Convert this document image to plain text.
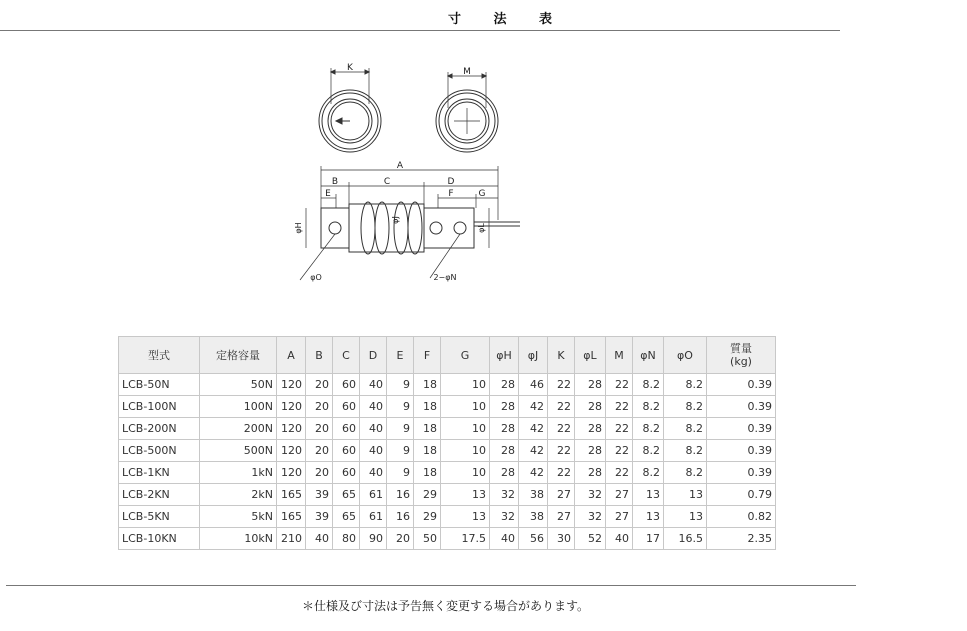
寸 法 表
K	M
A
B	C	D
E	F	G
φH
φJ
φL
φO	2−φN
型式	定格容量	A	B	C	D	E	F	G	φH	φJ	K	φL	M	φN	φO	質量
(kg)
LCB-50N	50N	120	20	60	40	9	18	10	28	46	22	28	22	8.2	8.2	0.39
LCB-100N	100N	120	20	60	40	9	18	10	28	42	22	28	22	8.2	8.2	0.39
LCB-200N	200N	120	20	60	40	9	18	10	28	42	22	28	22	8.2	8.2	0.39
LCB-500N	500N	120	20	60	40	9	18	10	28	42	22	28	22	8.2	8.2	0.39
LCB-1KN	1kN	120	20	60	40	9	18	10	28	42	22	28	22	8.2	8.2	0.39
LCB-2KN	2kN	165	39	65	61	16	29	13	32	38	27	32	27	13	13	0.79
LCB-5KN	5kN	165	39	65	61	16	29	13	32	38	27	32	27	13	13	0.82
LCB-10KN	10kN	210	40	80	90	20	50	17.5	40	56	30	52	40	17	16.5	2.35
＊仕様及び寸法は予告無く変更する場合があります。
